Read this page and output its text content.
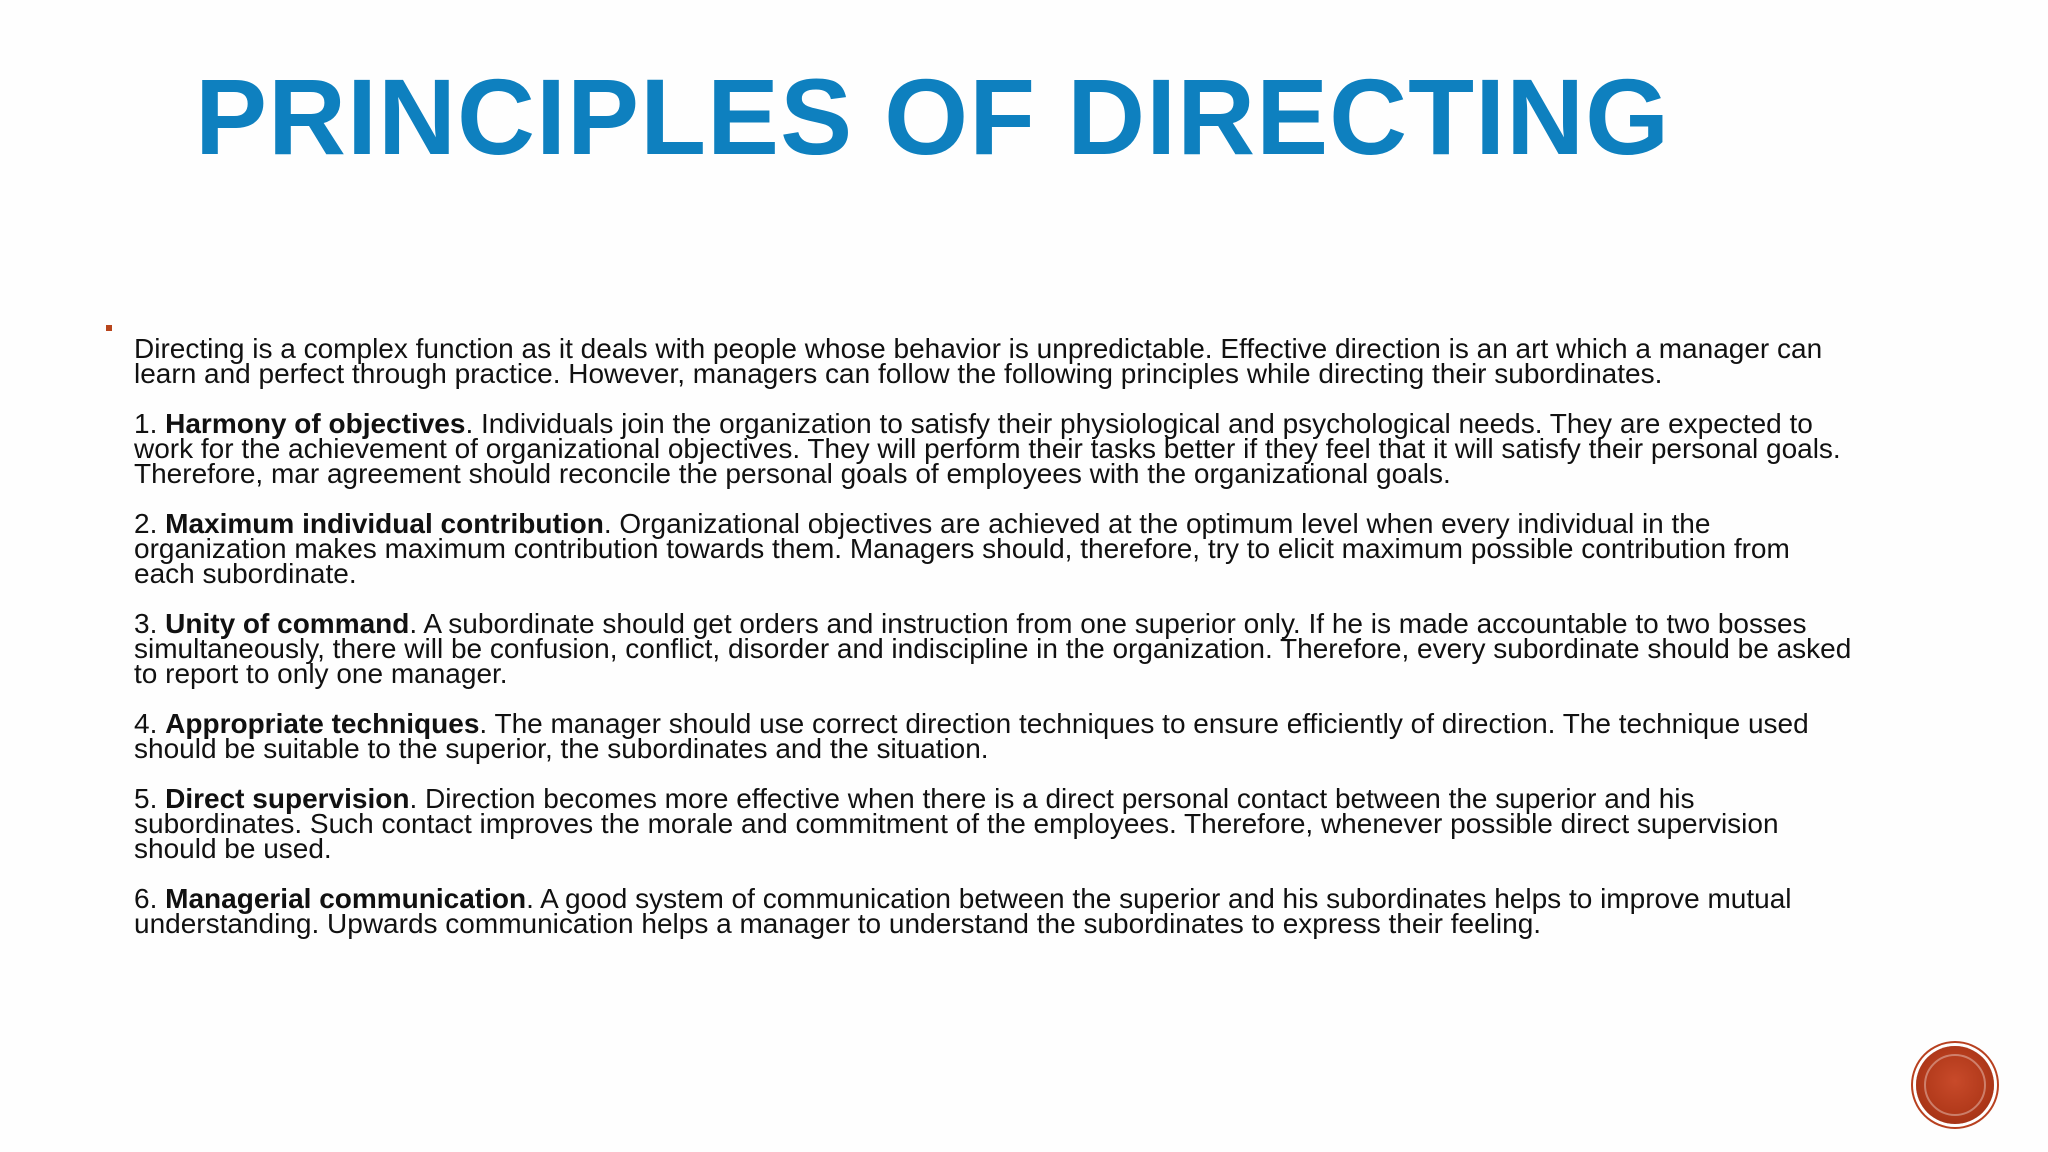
PRINCIPLES OF DIRECTING

Directing is a complex function as it deals with people whose behavior is unpredictable. Effective direction is an art which a manager can learn and perfect through practice. However, managers can follow the following principles while directing their subordinates.

1. Harmony of objectives. Individuals join the organization to satisfy their physiological and psychological needs. They are expected to work for the achievement of organizational objectives. They will perform their tasks better if they feel that it will satisfy their personal goals. Therefore, mar agreement should reconcile the personal goals of employees with the organizational goals.

2. Maximum individual contribution. Organizational objectives are achieved at the optimum level when every individual in the organization makes maximum contribution towards them. Managers should, therefore, try to elicit maximum possible contribution from each subordinate.

3. Unity of command. A subordinate should get orders and instruction from one superior only. If he is made accountable to two bosses simultaneously, there will be confusion, conflict, disorder and indiscipline in the organization. Therefore, every subordinate should be asked to report to only one manager.

4. Appropriate techniques. The manager should use correct direction techniques to ensure efficiently of direction. The technique used should be suitable to the superior, the subordinates and the situation.

5. Direct supervision. Direction becomes more effective when there is a direct personal contact between the superior and his subordinates. Such contact improves the morale and commitment of the employees. Therefore, whenever possible direct supervision should be used.

6. Managerial communication. A good system of communication between the superior and his subordinates helps to improve mutual understanding. Upwards communication helps a manager to understand the subordinates to express their feeling.
